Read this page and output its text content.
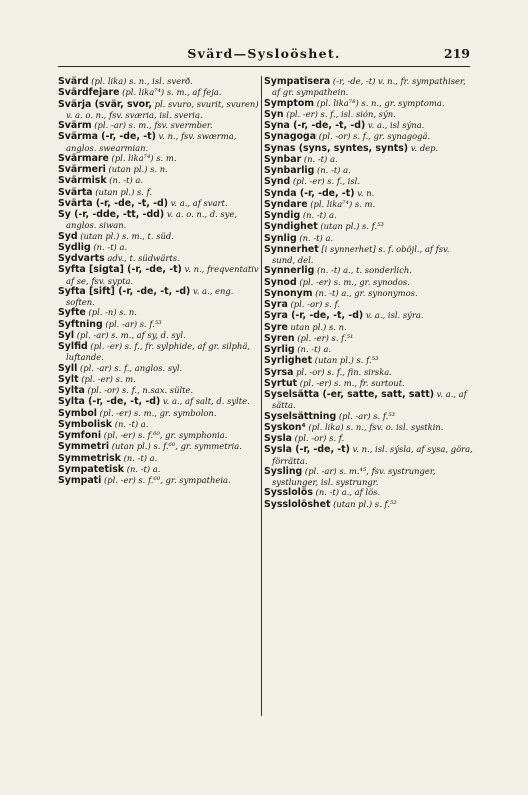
Svärd—Sysloöshet.	219
Svärd (pl. lika) s. n., isl. sverð.
Svärdfejare (pl. lika⁷⁴) s. m., af feja.
Svärja (svär, svor, pl. svuro, svurit, svuren) v. a. o. n., fsv. sværia, isl. sveria.
Svärm (pl. -ar) s. m., fsv. svermber.
Svärma (-r, -de, -t) v. n., fsv. swærma, anglos. swearmian.
Svärmare (pl. lika⁷⁴) s. m.
Svärmeri (utan pl.) s. n.
Svärmisk (n. -t) a.
Svärta (utan pl.) s. f.
Svärta (-r, -de, -t, -d) v. a., af svart.
Sy (-r, -dde, -tt, -dd) v. a. o. n., d. sye, anglos. siwan.
Syd (utan pl.) s. m., t. süd.
Sydlig (n. -t) a.
Sydvarts adv., t. südwärts.
Syfta [sigta] (-r, -de, -t) v. n., freqventativ af se, fsv. sypta.
Syfta [sift] (-r, -de, -t, -d) v. a., eng. soften.
Syfte (pl. -n) s. n.
Syftning (pl. -ar) s. f.⁵³
Syl (pl. -ar) s. m., af sy, d. syl.
Sylfid (pl. -er) s. f., fr. sylphide, af gr. silphä, luftande.
Syll (pl. -ar) s. f., anglos. syl.
Sylt (pl. -er) s. m.
Sylta (pl. -or) s. f., n.sax. sülte.
Sylta (-r, -de, -t, -d) v. a., af salt, d. sylte.
Symbol (pl. -er) s. m., gr. symbolon.
Symbolisk (n. -t) a.
Symfoni (pl. -er) s. f.⁶⁰, gr. symphonia.
Symmetri (utan pl.) s. f.⁶⁰, gr. symmetria.
Symmetrisk (n. -t) a.
Sympatetisk (n. -t) a.
Sympati (pl. -er) s. f.⁶⁰, gr. sympatheia.
Sympatisera (-r, -de, -t) v. n., fr. sympathiser, af gr. sympathein.
Symptom (pl. lika⁷⁸) s. n., gr. symptoma.
Syn (pl. -er) s. f., isl. sión, sýn.
Syna (-r, -de, -t, -d) v. a., isl sýna.
Synagoga (pl. -or) s. f., gr. synagogä.
Synas (syns, syntes, synts) v. dep.
Synbar (n. -t) a.
Synbarlig (n. -t) a.
Synd (pl. -er) s. f., isl.
Synda (-r, -de, -t) v. n.
Syndare (pl. lika⁷⁴) s. m.
Syndig (n. -t) a.
Syndighet (utan pl.) s. f.⁵³
Synlig (n. -t) a.
Synnerhet [i synnerhet] s. f. oböjl., af fsv. sund, del.
Synnerlig (n. -t) a., t. sonderlich.
Synod (pl. -er) s. m., gr. synodos.
Synonym (n. -t) a., gr. synonymos.
Syra (pl. -or) s. f.
Syra (-r, -de, -t, -d) v. a., isl. sýra.
Syre utan pl.) s. n.
Syren (pl. -er) s. f.⁵¹
Syrlig (n. -t) a.
Syrlighet (utan pl.) s. f.⁵³
Syrsa pl. -or) s. f., fin. sirska.
Syrtut (pl. -er) s. m., fr. surtout.
Syselsätta (-er, satte, satt, satt) v. a., af sätta.
Syselsättning (pl. -ar) s. f.⁵³
Syskon⁴ (pl. lika) s. n., fsv. o. isl. systkin.
Sysla (pl. -or) s. f.
Sysla (-r, -de, -t) v. n., isl. sýsla, af sysa, göra, förrätta.
Sysling (pl. -ar) s. m.⁴⁵, fsv. systrunger, systlunger, isl. systrungr.
Sysslolös (n. -t) a., af lös.
Sysslolöshet (utan pl.) s. f.⁵²
